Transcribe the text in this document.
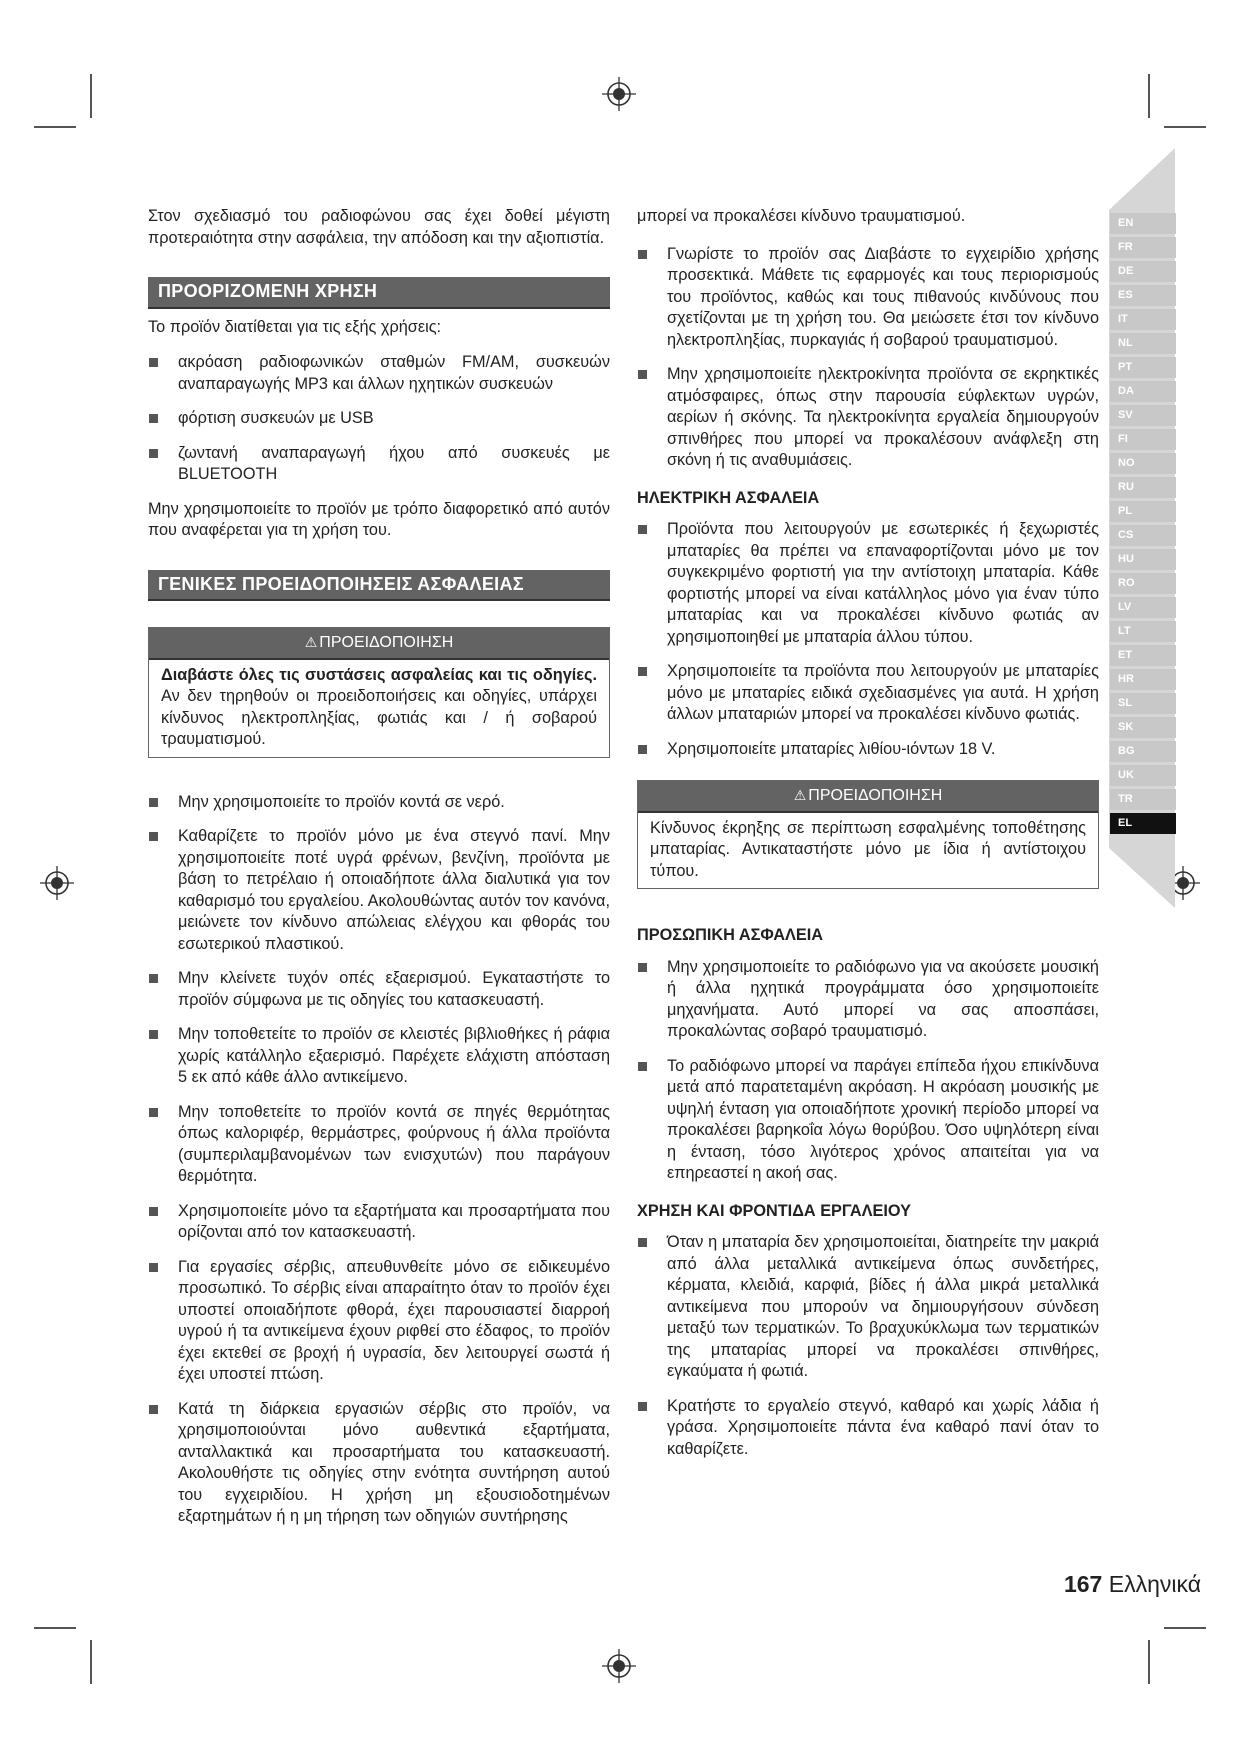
EN
FR
DE
ES
IT
NL
PT
DA
SV
FI
NO
RU
PL
CS
HU
RO
LV
LT
ET
HR
SL
SK
BG
UK
TR
EL

Στον σχεδιασμό του ραδιοφώνου σας έχει δοθεί μέγιστη προτεραιότητα στην ασφάλεια, την απόδοση και την αξιοπιστία.

ΠΡΟΟΡΙΖΟΜΕΝΗ ΧΡΗΣΗ

Το προϊόν διατίθεται για τις εξής χρήσεις:

ακρόαση ραδιοφωνικών σταθμών FM/AM, συσκευών αναπαραγωγής MP3 και άλλων ηχητικών συσκευών
φόρτιση συσκευών με USB
ζωντανή αναπαραγωγή ήχου από συσκευές με BLUETOOTH

Μην χρησιμοποιείτε το προϊόν με τρόπο διαφορετικό από αυτόν που αναφέρεται για τη χρήση του.

ΓΕΝΙΚΕΣ ΠΡΟΕΙΔΟΠΟΙΗΣΕΙΣ ΑΣΦΑΛΕΙΑΣ
⚠ ΠΡΟΕΙΔΟΠΟΙΗΣΗ
Διαβάστε όλες τις συστάσεις ασφαλείας και τις οδηγίες. Αν δεν τηρηθούν οι προειδοποιήσεις και οδηγίες, υπάρχει κίνδυνος ηλεκτροπληξίας, φωτιάς και / ή σοβαρού τραυματισμού.
Μην χρησιμοποιείτε το προϊόν κοντά σε νερό.
Καθαρίζετε το προϊόν μόνο με ένα στεγνό πανί. Μην χρησιμοποιείτε ποτέ υγρά φρένων, βενζίνη, προϊόντα με βάση το πετρέλαιο ή οποιαδήποτε άλλα διαλυτικά για τον καθαρισμό του εργαλείου. Ακολουθώντας αυτόν τον κανόνα, μειώνετε τον κίνδυνο απώλειας ελέγχου και φθοράς του εσωτερικού πλαστικού.
Μην κλείνετε τυχόν οπές εξαερισμού. Εγκαταστήστε το προϊόν σύμφωνα με τις οδηγίες του κατασκευαστή.
Μην τοποθετείτε το προϊόν σε κλειστές βιβλιοθήκες ή ράφια χωρίς κατάλληλο εξαερισμό. Παρέχετε ελάχιστη απόσταση 5 εκ από κάθε άλλο αντικείμενο.
Μην τοποθετείτε το προϊόν κοντά σε πηγές θερμότητας όπως καλοριφέρ, θερμάστρες, φούρνους ή άλλα προϊόντα (συμπεριλαμβανομένων των ενισχυτών) που παράγουν θερμότητα.
Χρησιμοποιείτε μόνο τα εξαρτήματα και προσαρτήματα που ορίζονται από τον κατασκευαστή.
Για εργασίες σέρβις, απευθυνθείτε μόνο σε ειδικευμένο προσωπικό. Το σέρβις είναι απαραίτητο όταν το προϊόν έχει υποστεί οποιαδήποτε φθορά, έχει παρουσιαστεί διαρροή υγρού ή τα αντικείμενα έχουν ριφθεί στο έδαφος, το προϊόν έχει εκτεθεί σε βροχή ή υγρασία, δεν λειτουργεί σωστά ή έχει υποστεί πτώση.
Κατά τη διάρκεια εργασιών σέρβις στο προϊόν, να χρησιμοποιούνται μόνο αυθεντικά εξαρτήματα, ανταλλακτικά και προσαρτήματα του κατασκευαστή. Ακολουθήστε τις οδηγίες στην ενότητα συντήρηση αυτού του εγχειριδίου. Η χρήση μη εξουσιοδοτημένων εξαρτημάτων ή η μη τήρηση των οδηγιών συντήρησης

μπορεί να προκαλέσει κίνδυνο τραυματισμού.

Γνωρίστε το προϊόν σας Διαβάστε το εγχειρίδιο χρήσης προσεκτικά. Μάθετε τις εφαρμογές και τους περιορισμούς του προϊόντος, καθώς και τους πιθανούς κινδύνους που σχετίζονται με τη χρήση του. Θα μειώσετε έτσι τον κίνδυνο ηλεκτροπληξίας, πυρκαγιάς ή σοβαρού τραυματισμού.
Μην χρησιμοποιείτε ηλεκτροκίνητα προϊόντα σε εκρηκτικές ατμόσφαιρες, όπως στην παρουσία εύφλεκτων υγρών, αερίων ή σκόνης. Τα ηλεκτροκίνητα εργαλεία δημιουργούν σπινθήρες που μπορεί να προκαλέσουν ανάφλεξη στη σκόνη ή τις αναθυμιάσεις.
ΗΛΕΚΤΡΙΚΗ ΑΣΦΑΛΕΙΑ
Προϊόντα που λειτουργούν με εσωτερικές ή ξεχωριστές μπαταρίες θα πρέπει να επαναφορτίζονται μόνο με τον συγκεκριμένο φορτιστή για την αντίστοιχη μπαταρία. Κάθε φορτιστής μπορεί να είναι κατάλληλος μόνο για έναν τύπο μπαταρίας και να προκαλέσει κίνδυνο φωτιάς αν χρησιμοποιηθεί με μπαταρία άλλου τύπου.
Χρησιμοποιείτε τα προϊόντα που λειτουργούν με μπαταρίες μόνο με μπαταρίες ειδικά σχεδιασμένες για αυτά. Η χρήση άλλων μπαταριών μπορεί να προκαλέσει κίνδυνο φωτιάς.
Χρησιμοποιείτε μπαταρίες λιθίου-ιόντων 18 V.
⚠ ΠΡΟΕΙΔΟΠΟΙΗΣΗ
Κίνδυνος έκρηξης σε περίπτωση εσφαλμένης τοποθέτησης μπαταρίας. Αντικαταστήστε μόνο με ίδια ή αντίστοιχου τύπου.
ΠΡΟΣΩΠΙΚΗ ΑΣΦΑΛΕΙΑ
Μην χρησιμοποιείτε το ραδιόφωνο για να ακούσετε μουσική ή άλλα ηχητικά προγράμματα όσο χρησιμοποιείτε μηχανήματα. Αυτό μπορεί να σας αποσπάσει, προκαλώντας σοβαρό τραυματισμό.
Το ραδιόφωνο μπορεί να παράγει επίπεδα ήχου επικίνδυνα μετά από παρατεταμένη ακρόαση. Η ακρόαση μουσικής με υψηλή ένταση για οποιαδήποτε χρονική περίοδο μπορεί να προκαλέσει βαρηκοΐα λόγω θορύβου. Όσο υψηλότερη είναι η ένταση, τόσο λιγότερος χρόνος απαιτείται για να επηρεαστεί η ακοή σας.
ΧΡΗΣΗ ΚΑΙ ΦΡΟΝΤΙΔΑ ΕΡΓΑΛΕΙΟΥ
Όταν η μπαταρία δεν χρησιμοποιείται, διατηρείτε την μακριά από άλλα μεταλλικά αντικείμενα όπως συνδετήρες, κέρματα, κλειδιά, καρφιά, βίδες ή άλλα μικρά μεταλλικά αντικείμενα που μπορούν να δημιουργήσουν σύνδεση μεταξύ των τερματικών. Το βραχυκύκλωμα των τερματικών της μπαταρίας μπορεί να προκαλέσει σπινθήρες, εγκαύματα ή φωτιά.
Κρατήστε το εργαλείο στεγνό, καθαρό και χωρίς λάδια ή γράσα. Χρησιμοποιείτε πάντα ένα καθαρό πανί όταν το καθαρίζετε.
167 Ελληνικά
